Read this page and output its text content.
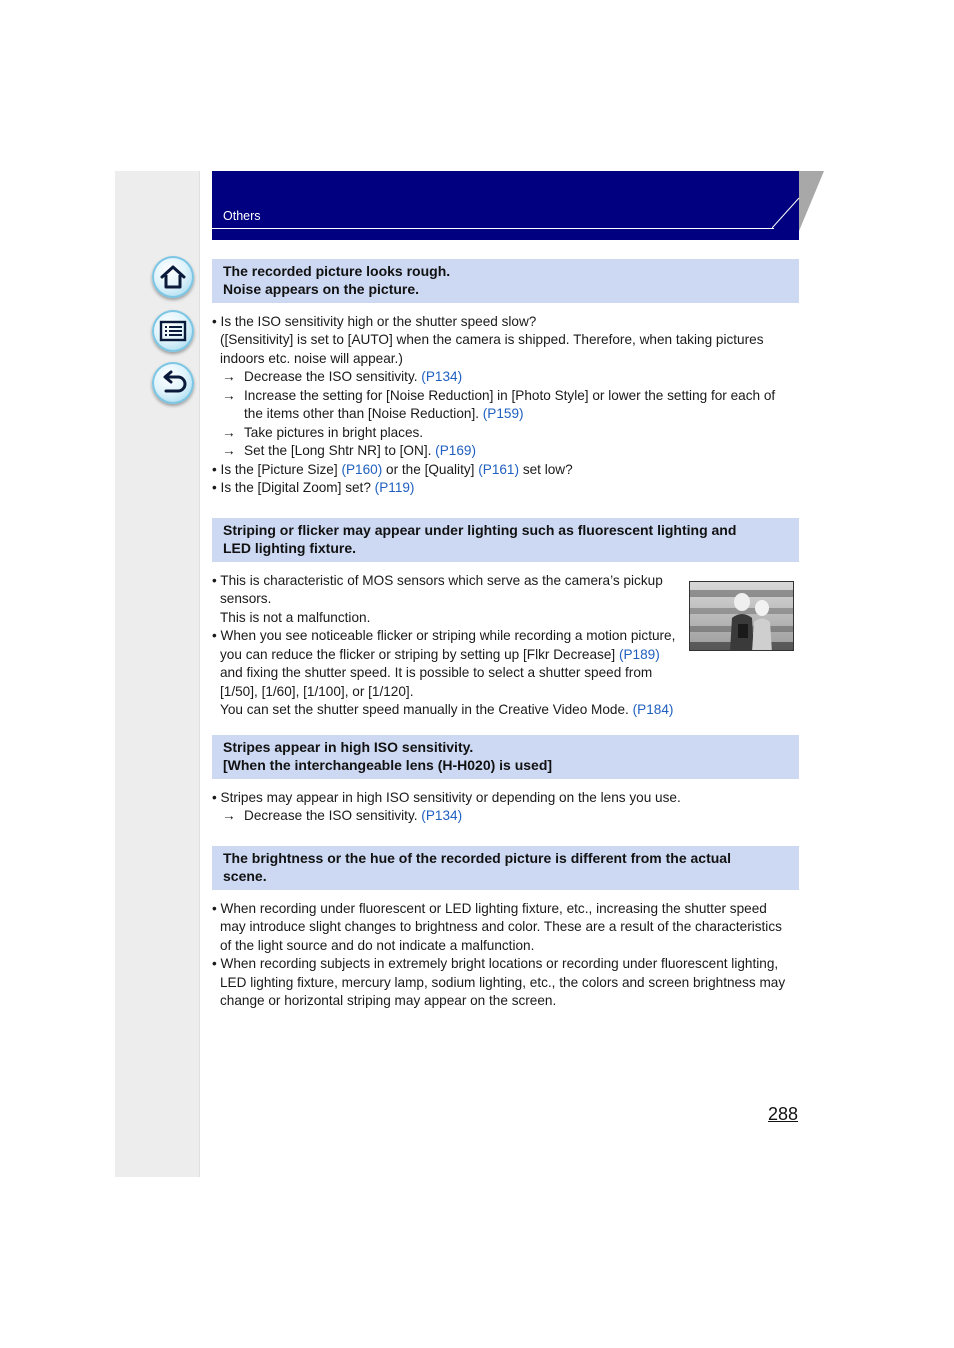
Others
The recorded picture looks rough.
Noise appears on the picture.
• Is the ISO sensitivity high or the shutter speed slow?
([Sensitivity] is set to [AUTO] when the camera is shipped. Therefore, when taking pictures
indoors etc. noise will appear.)
→ Decrease the ISO sensitivity. (P134)
→ Increase the setting for [Noise Reduction] in [Photo Style] or lower the setting for each of
the items other than [Noise Reduction]. (P159)
→ Take pictures in bright places.
→ Set the [Long Shtr NR] to [ON]. (P169)
• Is the [Picture Size] (P160) or the [Quality] (P161) set low?
• Is the [Digital Zoom] set? (P119)
Striping or flicker may appear under lighting such as fluorescent lighting and
LED lighting fixture.
• This is characteristic of MOS sensors which serve as the camera’s pickup
sensors.
This is not a malfunction.
• When you see noticeable flicker or striping while recording a motion picture,
you can reduce the flicker or striping by setting up [Flkr Decrease] (P189)
and fixing the shutter speed. It is possible to select a shutter speed from
[1/50], [1/60], [1/100], or [1/120].
You can set the shutter speed manually in the Creative Video Mode. (P184)
Stripes appear in high ISO sensitivity.
[When the interchangeable lens (H-H020) is used]
• Stripes may appear in high ISO sensitivity or depending on the lens you use.
→ Decrease the ISO sensitivity. (P134)
The brightness or the hue of the recorded picture is different from the actual
scene.
• When recording under fluorescent or LED lighting fixture, etc., increasing the shutter speed
may introduce slight changes to brightness and color. These are a result of the characteristics
of the light source and do not indicate a malfunction.
• When recording subjects in extremely bright locations or recording under fluorescent lighting,
LED lighting fixture, mercury lamp, sodium lighting, etc., the colors and screen brightness may
change or horizontal striping may appear on the screen.
288
